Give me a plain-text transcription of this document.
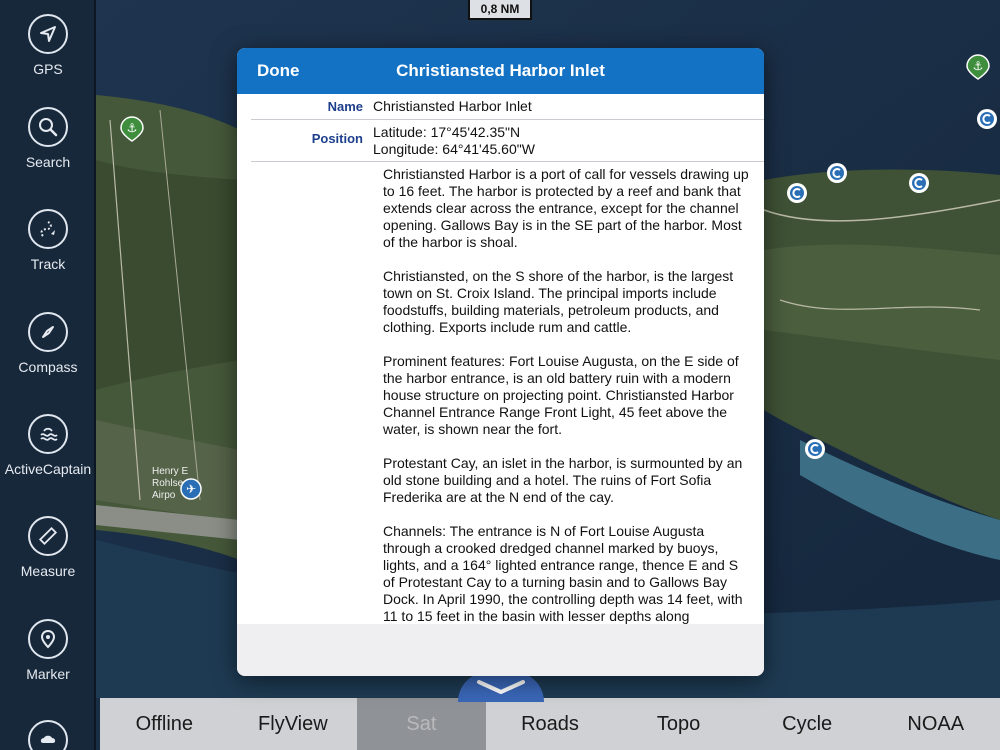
⚓
⚓
✈
Henry E
Rohlse
Airpo
0,8 NM
GPS
Search
Track
Compass
ActiveCaptain
Measure
Marker
Offline	FlyView	Sat	Roads	Topo	Cycle	NOAA
Christiansted Harbor Inlet
Done
Name Christiansted Harbor Inlet
Position Latitude: 17°45'42.35"N
Longitude: 64°41'45.60"W

Christiansted Harbor is a port of call for vessels drawing up to 16 feet. The harbor is protected by a reef and bank that extends clear across the entrance, except for the channel opening. Gallows Bay is in the SE part of the harbor. Most of the harbor is shoal.

Christiansted, on the S shore of the harbor, is the largest town on St. Croix Island. The principal imports include foodstuffs, building materials, petroleum products, and clothing. Exports include rum and cattle.

Prominent features: Fort Louise Augusta, on the E side of the harbor entrance, is an old battery ruin with a modern house structure on projecting point. Christiansted Harbor Channel Entrance Range Front Light, 45 feet above the water, is shown near the fort.

Protestant Cay, an islet in the harbor, is surmounted by an old stone building and a hotel. The ruins of Fort Sofia Frederika are at the N end of the cay.

Channels: The entrance is N of Fort Louise Augusta through a crooked dredged channel marked by buoys, lights, and a 164° lighted entrance range, thence E and S of Protestant Cay to a turning basin and to Gallows Bay Dock. In April 1990, the controlling depth was 14 feet, with 11 to 15 feet in the basin with lesser depths along
